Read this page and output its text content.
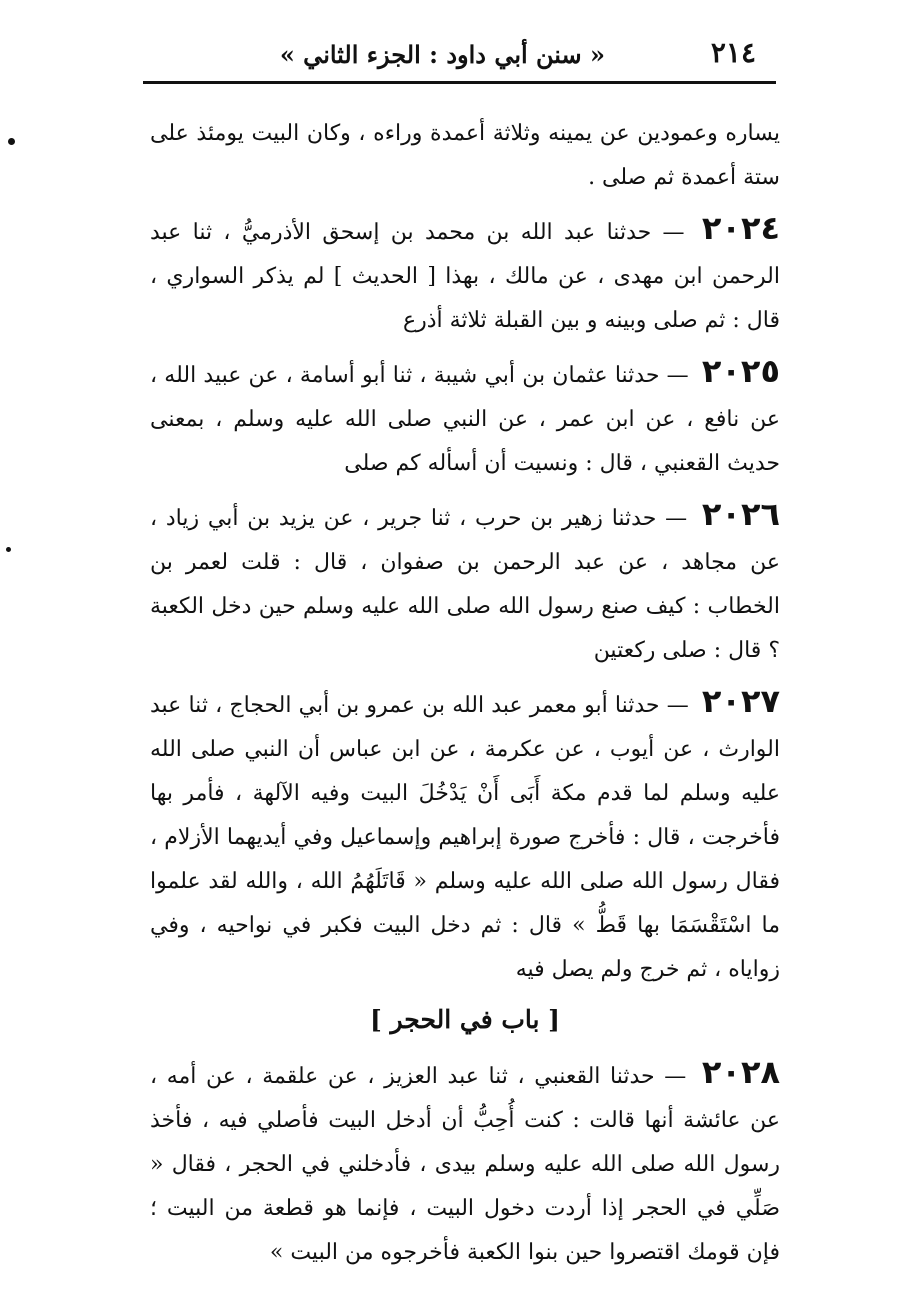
٢١٤
« سنن أبي داود : الجزء الثاني »

يساره وعمودين عن يمينه وثلاثة أعمدة وراءه ، وكان البيت يومئذ على ستة أعمدة ثم صلى .

٢٠٢٤ — حدثنا عبد الله بن محمد بن إسحق الأذرميُّ ، ثنا عبد الرحمن ابن مهدى ، عن مالك ، بهذا [ الحديث ] لم يذكر السواري ، قال : ثم صلى وبينه و بين القبلة ثلاثة أذرع

٢٠٢٥ — حدثنا عثمان بن أبي شيبة ، ثنا أبو أسامة ، عن عبيد الله ، عن نافع ، عن ابن عمر ، عن النبي صلى الله عليه وسلم ، بمعنى حديث القعنبي ، قال : ونسيت أن أسأله كم صلى

٢٠٢٦ — حدثنا زهير بن حرب ، ثنا جرير ، عن يزيد بن أبي زياد ، عن مجاهد ، عن عبد الرحمن بن صفوان ، قال : قلت لعمر بن الخطاب : كيف صنع رسول الله صلى الله عليه وسلم حين دخل الكعبة ؟ قال : صلى ركعتين

٢٠٢٧ — حدثنا أبو معمر عبد الله بن عمرو بن أبي الحجاج ، ثنا عبد الوارث ، عن أيوب ، عن عكرمة ، عن ابن عباس أن النبي صلى الله عليه وسلم لما قدم مكة أَبَى أَنْ يَدْخُلَ البيت وفيه الآلهة ، فأمر بها فأخرجت ، قال : فأخرج صورة إبراهيم وإسماعيل وفي أيديهما الأزلام ، فقال رسول الله صلى الله عليه وسلم « قَاتَلَهُمُ الله ، والله لقد علموا ما اسْتَقْسَمَا بها قَطُّ » قال : ثم دخل البيت فكبر في نواحيه ، وفي زواياه ، ثم خرج ولم يصل فيه

[ باب في الحجر ]

٢٠٢٨ — حدثنا القعنبي ، ثنا عبد العزيز ، عن علقمة ، عن أمه ، عن عائشة أنها قالت : كنت أُحِبُّ أن أدخل البيت فأصلي فيه ، فأخذ رسول الله صلى الله عليه وسلم بيدى ، فأدخلني في الحجر ، فقال « صَلِّي في الحجر إذا أردت دخول البيت ، فإنما هو قطعة من البيت ؛ فإن قومك اقتصروا حين بنوا الكعبة فأخرجوه من البيت »
